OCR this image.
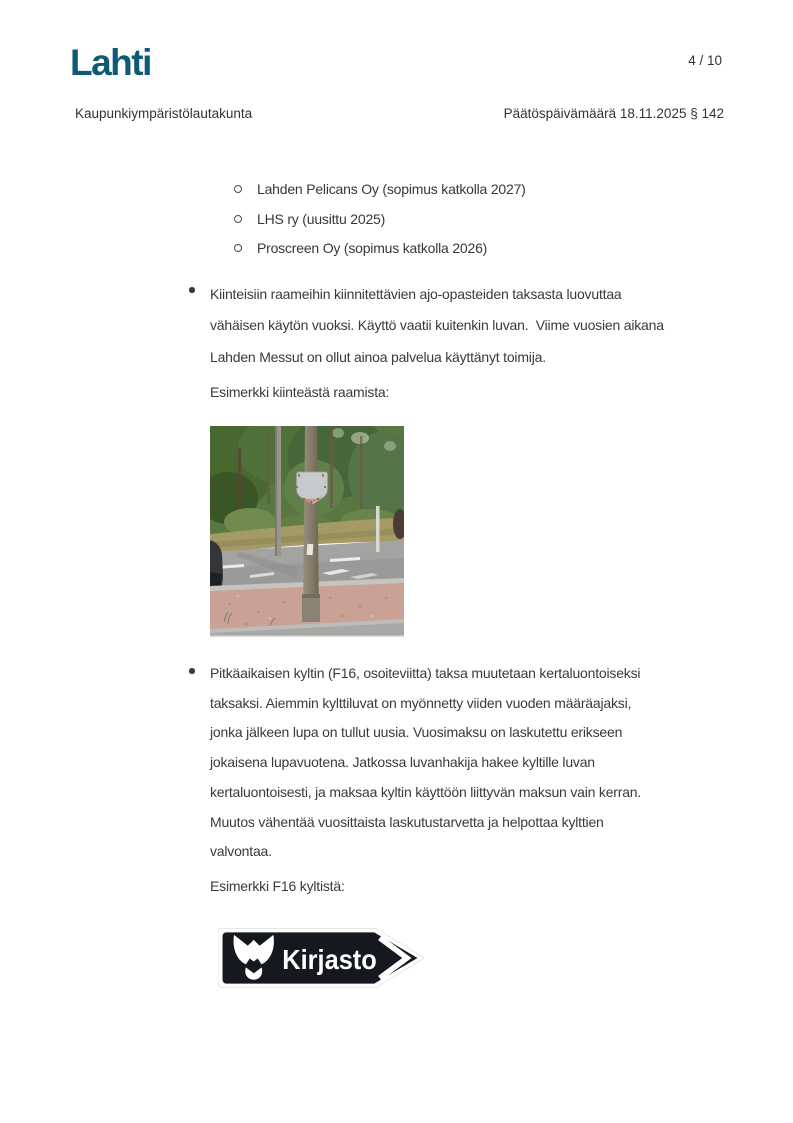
Lahti	4 / 10
Kaupunkiympäristölautakunta	Päätöspäivämäärä 18.11.2025 § 142
Lahden Pelicans Oy (sopimus katkolla 2027)
LHS ry (uusittu 2025)
Proscreen Oy (sopimus katkolla 2026)
Kiinteisiin raameihin kiinnitettävien ajo-opasteiden taksasta luovuttaa
vähäisen käytön vuoksi. Käyttö vaatii kuitenkin luvan.  Viime vuosien aikana
Lahden Messut on ollut ainoa palvelua käyttänyt toimija.
Esimerkki kiinteästä raamista:
Pitkäaikaisen kyltin (F16, osoiteviitta) taksa muutetaan kertaluontoiseksi
taksaksi. Aiemmin kylttiluvat on myönnetty viiden vuoden määräajaksi,
jonka jälkeen lupa on tullut uusia. Vuosimaksu on laskutettu erikseen
jokaisena lupavuotena. Jatkossa luvanhakija hakee kyltille luvan
kertaluontoisesti, ja maksaa kyltin käyttöön liittyvän maksun vain kerran.
Muutos vähentää vuosittaista laskutustarvetta ja helpottaa kylttien
valvontaa.
Esimerkki F16 kyltistä:
Kirjasto
